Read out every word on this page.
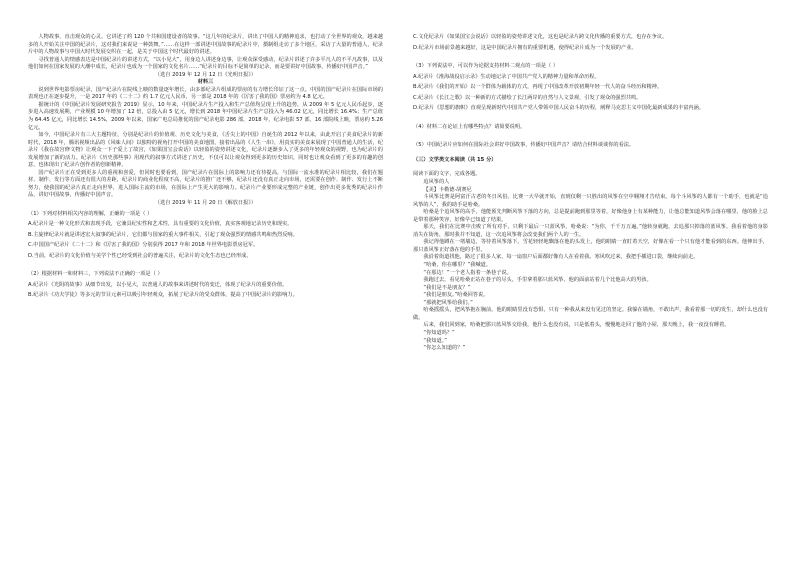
人物故事，直击观众的心灵。它讲述了约 120 个共和国建设者的故事。“这几年的纪录片，讲出了中国人的精神追求，也打动了全世界的观众，越来越多的人开始关注中国的纪录片，这对我们来说是一种鼓舞。”……在这样一部讲述中国故事的纪录片中，摄制组走访了多个地区，采访了大量的普通人，纪录片中的人物故事与中国大时代发展交织在一起，是关于中国这个时代最好的讲述。

寻找普通人的情感表达是中国纪录片的讲述方式，“以小见大”，用身边人讲述身边事，让观众深受感动，纪录片讲述了许多平凡人的不平凡故事，以及他们如何在国家发展的大潮中成长，纪录片也成为一个国家的文化名片……“纪录片的目标不是简单的记录，而是要讲好中国故事，传播好中国声音。”

（选自 2019 年 12 月 12 日《光明日报》）

材料三

说到世界电影票房纪录，国产纪录片在院线上映的数量逐年增长，由多部纪录片组成的票房的有力增长印证了这一点。中国的国产纪录片在国际市场的表现也正在逐步提升，一是 2017 年的《二十二》约 1.7 亿元人民币，另一部是 2018 年的《厉害了我的国》票房约为 4.8 亿元。

据统计的《中国纪录片发展研究报告 2019》显示，10 年来，中国纪录片生产投入和生产总值均呈现上升的趋势，从 2009 年 5 亿元人民币起步，逐步进入高速发展期，产业规模 10 年增加了 12 倍，总投入由 5 亿元，增长到 2018 年中国纪录片生产总投入为 46.02 亿元，同比增长 16.4%；生产总值为 64.45 亿元，同比增长 14.5%，2009 年以来，国家广电总局推优的国产纪录电影 286 部，2018 年，纪录电影 57 部，16 部院线上映，票房约 5.26 亿元。

如今，中国纪录片有三大主题特征，分别是纪录片的价值观、历史文化与美食，《舌尖上的中国》自诞生的 2012 年以来，由此开启了美食纪录片的新时代，2018 年，腾讯视频出品的《风味人间》以独特的视角打开中国的美食地图，接着出品的《人生一串》，用真实的美食来展现了中国普通人的生活，纪录片《我在故宫修文物》让观众一下子爱上了故宫，《如果国宝会说话》以轻盈的姿势讲述文化，纪录片逐渐步入了更多的年轻观众的视野，也为纪录片的发展增加了新的活力。纪录片《历史那些事》用现代的叙事方式讲述了历史，不仅可以让观众得到更多的历史知识，同时也让观众看到了更多的有趣的创意，也体现出了纪录片创作者的创新精神。

国产纪录片正在受到更多人的重视和喜爱，但同时也要看到，国产纪录片在国际上的影响力还有待提高，与国际一流水准的纪录片相比较，我们在题材、制作、发行等方面还有很大的差距，纪录片的商业化程度不高，纪录片的推广还不够，纪录片还没有真正走向市场，还需要在创作、制作、发行上不断努力，使我国的纪录片真正走向世界，进入国际主流的市场，在国际上产生更大的影响力。纪录片产业要形成完整的产业链，创作出更多优秀的纪录片作品，讲好中国故事，传播好中国声音。

（选自 2019 年 11 月 20 日《解放日报》）

（1）下列对材料相关内容的理解，正确的一项是（ ）

A.纪录片是一种文化形式和表现手段，它兼具纪实性和艺术性，具有重要的文化价值，真实客观地记录历史和现实。

B.主旋律纪录片就是讲述宏大叙事的纪录片，它们都与国家的重大事件相关，引起了观众强烈的情感共鸣和热烈反响。

C.中国国产纪录片《二十二》和《厉害了我的国》分别获得 2017 年和 2018 年世界电影票房冠军。

D.当前，纪录片的文化价值与美学个性已经受到社会的普遍关注，纪录片的文化生态也已经形成。

（2）根据材料一和材料三，下列说法不正确的一项是（ ）

A.纪录片《光阴的故事》从细节出发，以小见大，以普通人的故事来讲述时代的变迁，体现了纪录片的重要价值。

B.纪录片《功夫学徒》等多元的节目元素可以吸引年轻观众，拓展了纪录片的受众群体，提高了中国纪录片的影响力。

C.文化纪录片《如果国宝会说话》以轻盈的姿势讲述文化，这也是纪录片跨文化传播的重要方式，也存在争议。

D.纪录片市场前景越来越好，这是中国纪录片拥有的重要机遇，使得纪录片成为一个发展的产业。

（3）下列说法中，可以作为论据支持材料二观点的一项是（ ）

A.纪录片《淮海战役启示录》生动地记录了中国共产党人的精神力量和革命历程。

B.纪录片《我们的开始》以一个群体为载体的方式，再现了中国改革开放初期年轻一代人的奋斗经历和精神。

C.纪录片《长江之歌》以一种新的方式描绘了长江两岸的自然与人文景观，引发了观众的强烈共鸣。

D.纪录片《思想的旗帜》直观呈现新时代中国共产党人带领中国人民奋斗的历程，阐释马克思主义中国化最新成果的丰富内涵。

（4）材料二在论证上有哪些特点？请简要说明。

（5）中国纪录片应如何在国际社会讲好中国故事，传播好中国声音？请结合材料谈谈你的看法。

（三）文学类文本阅读（共 15 分）

阅读下面的文字，完成各题。

追风筝的人

【美】卡勒德·胡赛尼

斗风筝比赛是阿富汗古老的冬日风俗。比赛一大早就开始，直到仅剩一只胜出的风筝在空中翱翔才告结束。每个斗风筝的人都有一个助手，也就是“追风筝的人”，我的助手是哈桑。

哈桑是个追风筝的高手，他能预先判断风筝下落的方向，总是提前跑到那里等着，好像他身上有某种能力，让他总能知道风筝会落在哪里，他的脸上总是带着那种笑容，好像早已知道了结果。

那天，我们在比赛中击败了所有对手，只剩下最后一只蓝风筝，哈桑说：“为你，千千万万遍。”他转身就跑，去追那只掉落的蓝风筝。我看着他的身影消失在街角，那时我并不知道，这一次追风筝将会改变我们两个人的一生。

我记得他蹲在一堵墙边，等待着风筝落下。雪花轻轻地飘落在他的头发上，他的眼睛一直盯着天空，好像在看一个只有他才能看到的东西。他伸出手，那只蓝风筝正好落在他的手里。

我沿着街道找他，路过了很多人家，每一扇窗户后面都好像有人在看着我。寒风吹过来，我把手插进口袋，继续向前走。

“哈桑，你在哪里？”我喊道。

“在那边！”一个老人指着一条巷子说。

我跑过去，看见哈桑正站在巷子的尽头，手里拿着那只蓝风筝，他的面前站着几个比他高大的男孩。

“我们是不是朋友？”

“我们是朋友。”哈桑回答说。

“那就把风筝给我们。”

哈桑摇摇头，把风筝抱在胸前。他的眼睛里没有恐惧，只有一种我从来没有见过的坚定。我躲在墙角，不敢出声，我看着那一切的发生，却什么也没有做。

后来，我们回到家，哈桑把那只蓝风筝交给我，他什么也没有说，只是低着头，慢慢地走回了他的小屋，那天晚上，我一夜没有睡着。

“你知道吗？”

“我知道。”

“你怎么知道的？”
